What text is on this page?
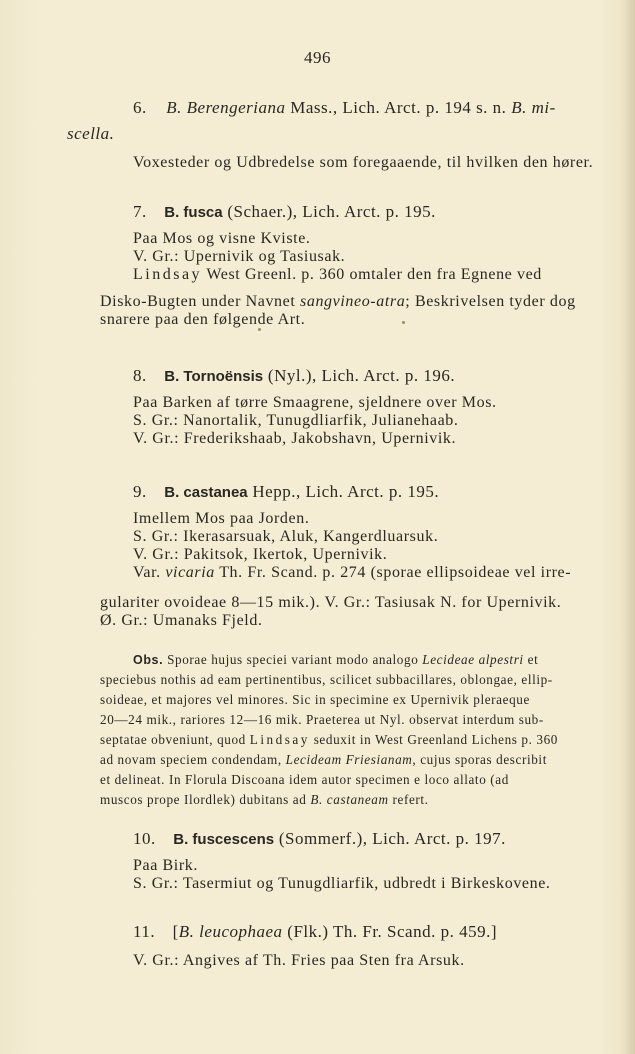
496

6. B. Berengeriana Mass., Lich. Arct. p. 194 s. n. B. mi-

scella.

Voxesteder og Udbredelse som foregaaende, til hvilken den hører.

7. B. fusca (Schaer.), Lich. Arct. p. 195.

Paa Mos og visne Kviste.

V. Gr.: Upernivik og Tasiusak.

Lindsay West Greenl. p. 360 omtaler den fra Egnene ved

Disko-Bugten under Navnet sangvineo-atra; Beskrivelsen tyder dog

snarere paa den følgende Art.

8. B. Tornoënsis (Nyl.), Lich. Arct. p. 196.

Paa Barken af tørre Smaagrene, sjeldnere over Mos.

S. Gr.: Nanortalik, Tunugdliarfik, Julianehaab.

V. Gr.: Frederikshaab, Jakobshavn, Upernivik.

9. B. castanea Hepp., Lich. Arct. p. 195.

Imellem Mos paa Jorden.

S. Gr.: Ikerasarsuak, Aluk, Kangerdluarsuk.

V. Gr.: Pakitsok, Ikertok, Upernivik.

Var. vicaria Th. Fr. Scand. p. 274 (sporae ellipsoideae vel irre-

gulariter ovoideae 8—15 mik.). V. Gr.: Tasiusak N. for Upernivik.

Ø. Gr.: Umanaks Fjeld.

Obs. Sporae hujus speciei variant modo analogo Lecideae alpestri et

speciebus nothis ad eam pertinentibus, scilicet subbacillares, oblongae, ellip-

soideae, et majores vel minores. Sic in specimine ex Upernivik pleraeque

20—24 mik., rariores 12—16 mik. Praeterea ut Nyl. observat interdum sub-

septatae obveniunt, quod Lindsay seduxit in West Greenland Lichens p. 360

ad novam speciem condendam, Lecideam Friesianam, cujus sporas describit

et delineat. In Florula Discoana idem autor specimen e loco allato (ad

muscos prope Ilordlek) dubitans ad B. castaneam refert.

10. B. fuscescens (Sommerf.), Lich. Arct. p. 197.

Paa Birk.

S. Gr.: Tasermiut og Tunugdliarfik, udbredt i Birkeskovene.

11. [B. leucophaea (Flk.) Th. Fr. Scand. p. 459.]

V. Gr.: Angives af Th. Fries paa Sten fra Arsuk.
